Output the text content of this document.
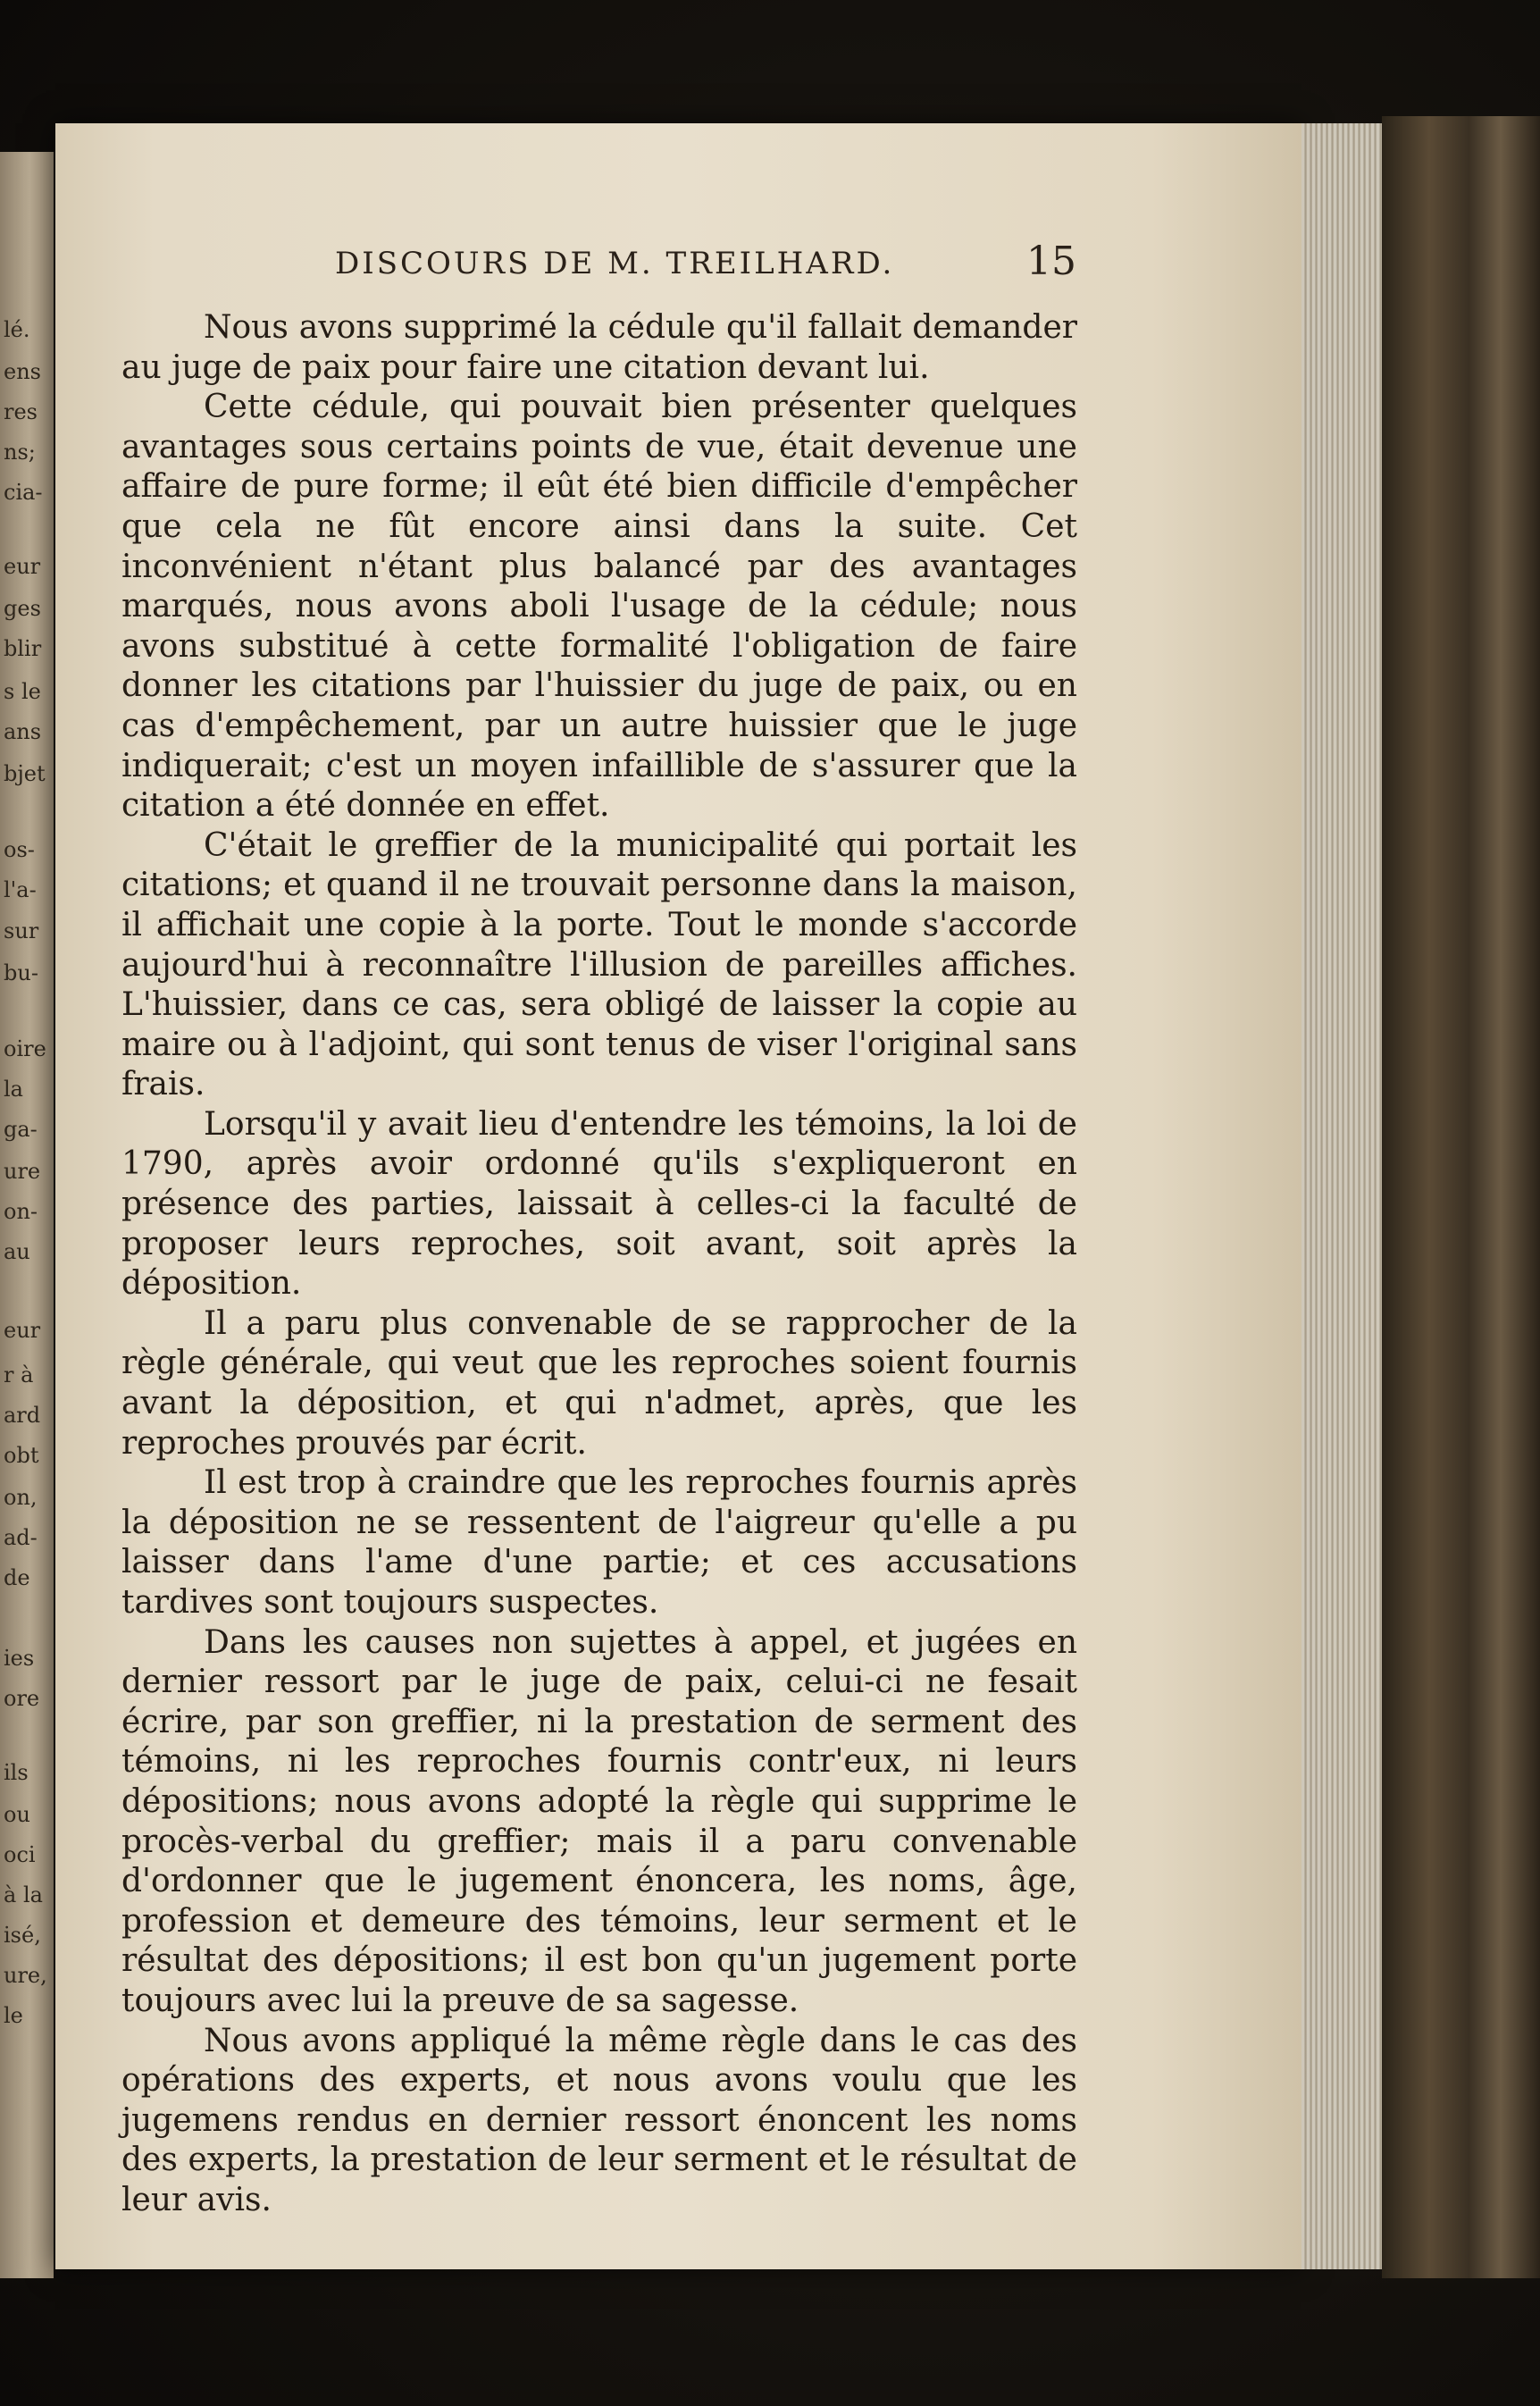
lé.
ens
res
ns;
cia-
eur
ges
blir
s le
ans
bjet
os-
l'a-
sur
bu-
oire
la
gа-
ure
on-
au
eur
r à
ard
obt
on,
ad-
de
ies
ore
ils
ou
oci
à la
isé,
ure,
le
DISCOURS DE M. TREILHARD.	15

Nous avons supprimé la cédule qu'il fallait demander au juge de paix pour faire une citation devant lui.

Cette cédule, qui pouvait bien présenter quelques avantages sous certains points de vue, était devenue une affaire de pure forme; il eût été bien difficile d'empêcher que cela ne fût encore ainsi dans la suite. Cet inconvénient n'étant plus balancé par des avantages marqués, nous avons aboli l'usage de la cédule; nous avons substitué à cette formalité l'obligation de faire donner les citations par l'huissier du juge de paix, ou en cas d'empêchement, par un autre huissier que le juge indiquerait; c'est un moyen infaillible de s'assurer que la citation a été donnée en effet.

C'était le greffier de la municipalité qui portait les citations; et quand il ne trouvait personne dans la maison, il affichait une copie à la porte. Tout le monde s'accorde aujourd'hui à reconnaître l'illusion de pareilles affiches. L'huissier, dans ce cas, sera obligé de laisser la copie au maire ou à l'adjoint, qui sont tenus de viser l'original sans frais.

Lorsqu'il y avait lieu d'entendre les témoins, la loi de 1790, après avoir ordonné qu'ils s'expliqueront en présence des parties, laissait à celles-ci la faculté de proposer leurs reproches, soit avant, soit après la déposition.

Il a paru plus convenable de se rapprocher de la règle générale, qui veut que les reproches soient fournis avant la déposition, et qui n'admet, après, que les reproches prouvés par écrit.

Il est trop à craindre que les reproches fournis après la déposition ne se ressentent de l'aigreur qu'elle a pu laisser dans l'ame d'une partie; et ces accusations tardives sont toujours suspectes.

Dans les causes non sujettes à appel, et jugées en dernier ressort par le juge de paix, celui-ci ne fesait écrire, par son greffier, ni la prestation de serment des témoins, ni les reproches fournis contr'eux, ni leurs dépositions; nous avons adopté la règle qui supprime le procès-verbal du greffier; mais il a paru convenable d'ordonner que le jugement énoncera, les noms, âge, profession et demeure des témoins, leur serment et le résultat des dépositions; il est bon qu'un jugement porte toujours avec lui la preuve de sa sagesse.

Nous avons appliqué la même règle dans le cas des opérations des experts, et nous avons voulu que les jugemens rendus en dernier ressort énoncent les noms des experts, la prestation de leur serment et le résultat de leur avis.
